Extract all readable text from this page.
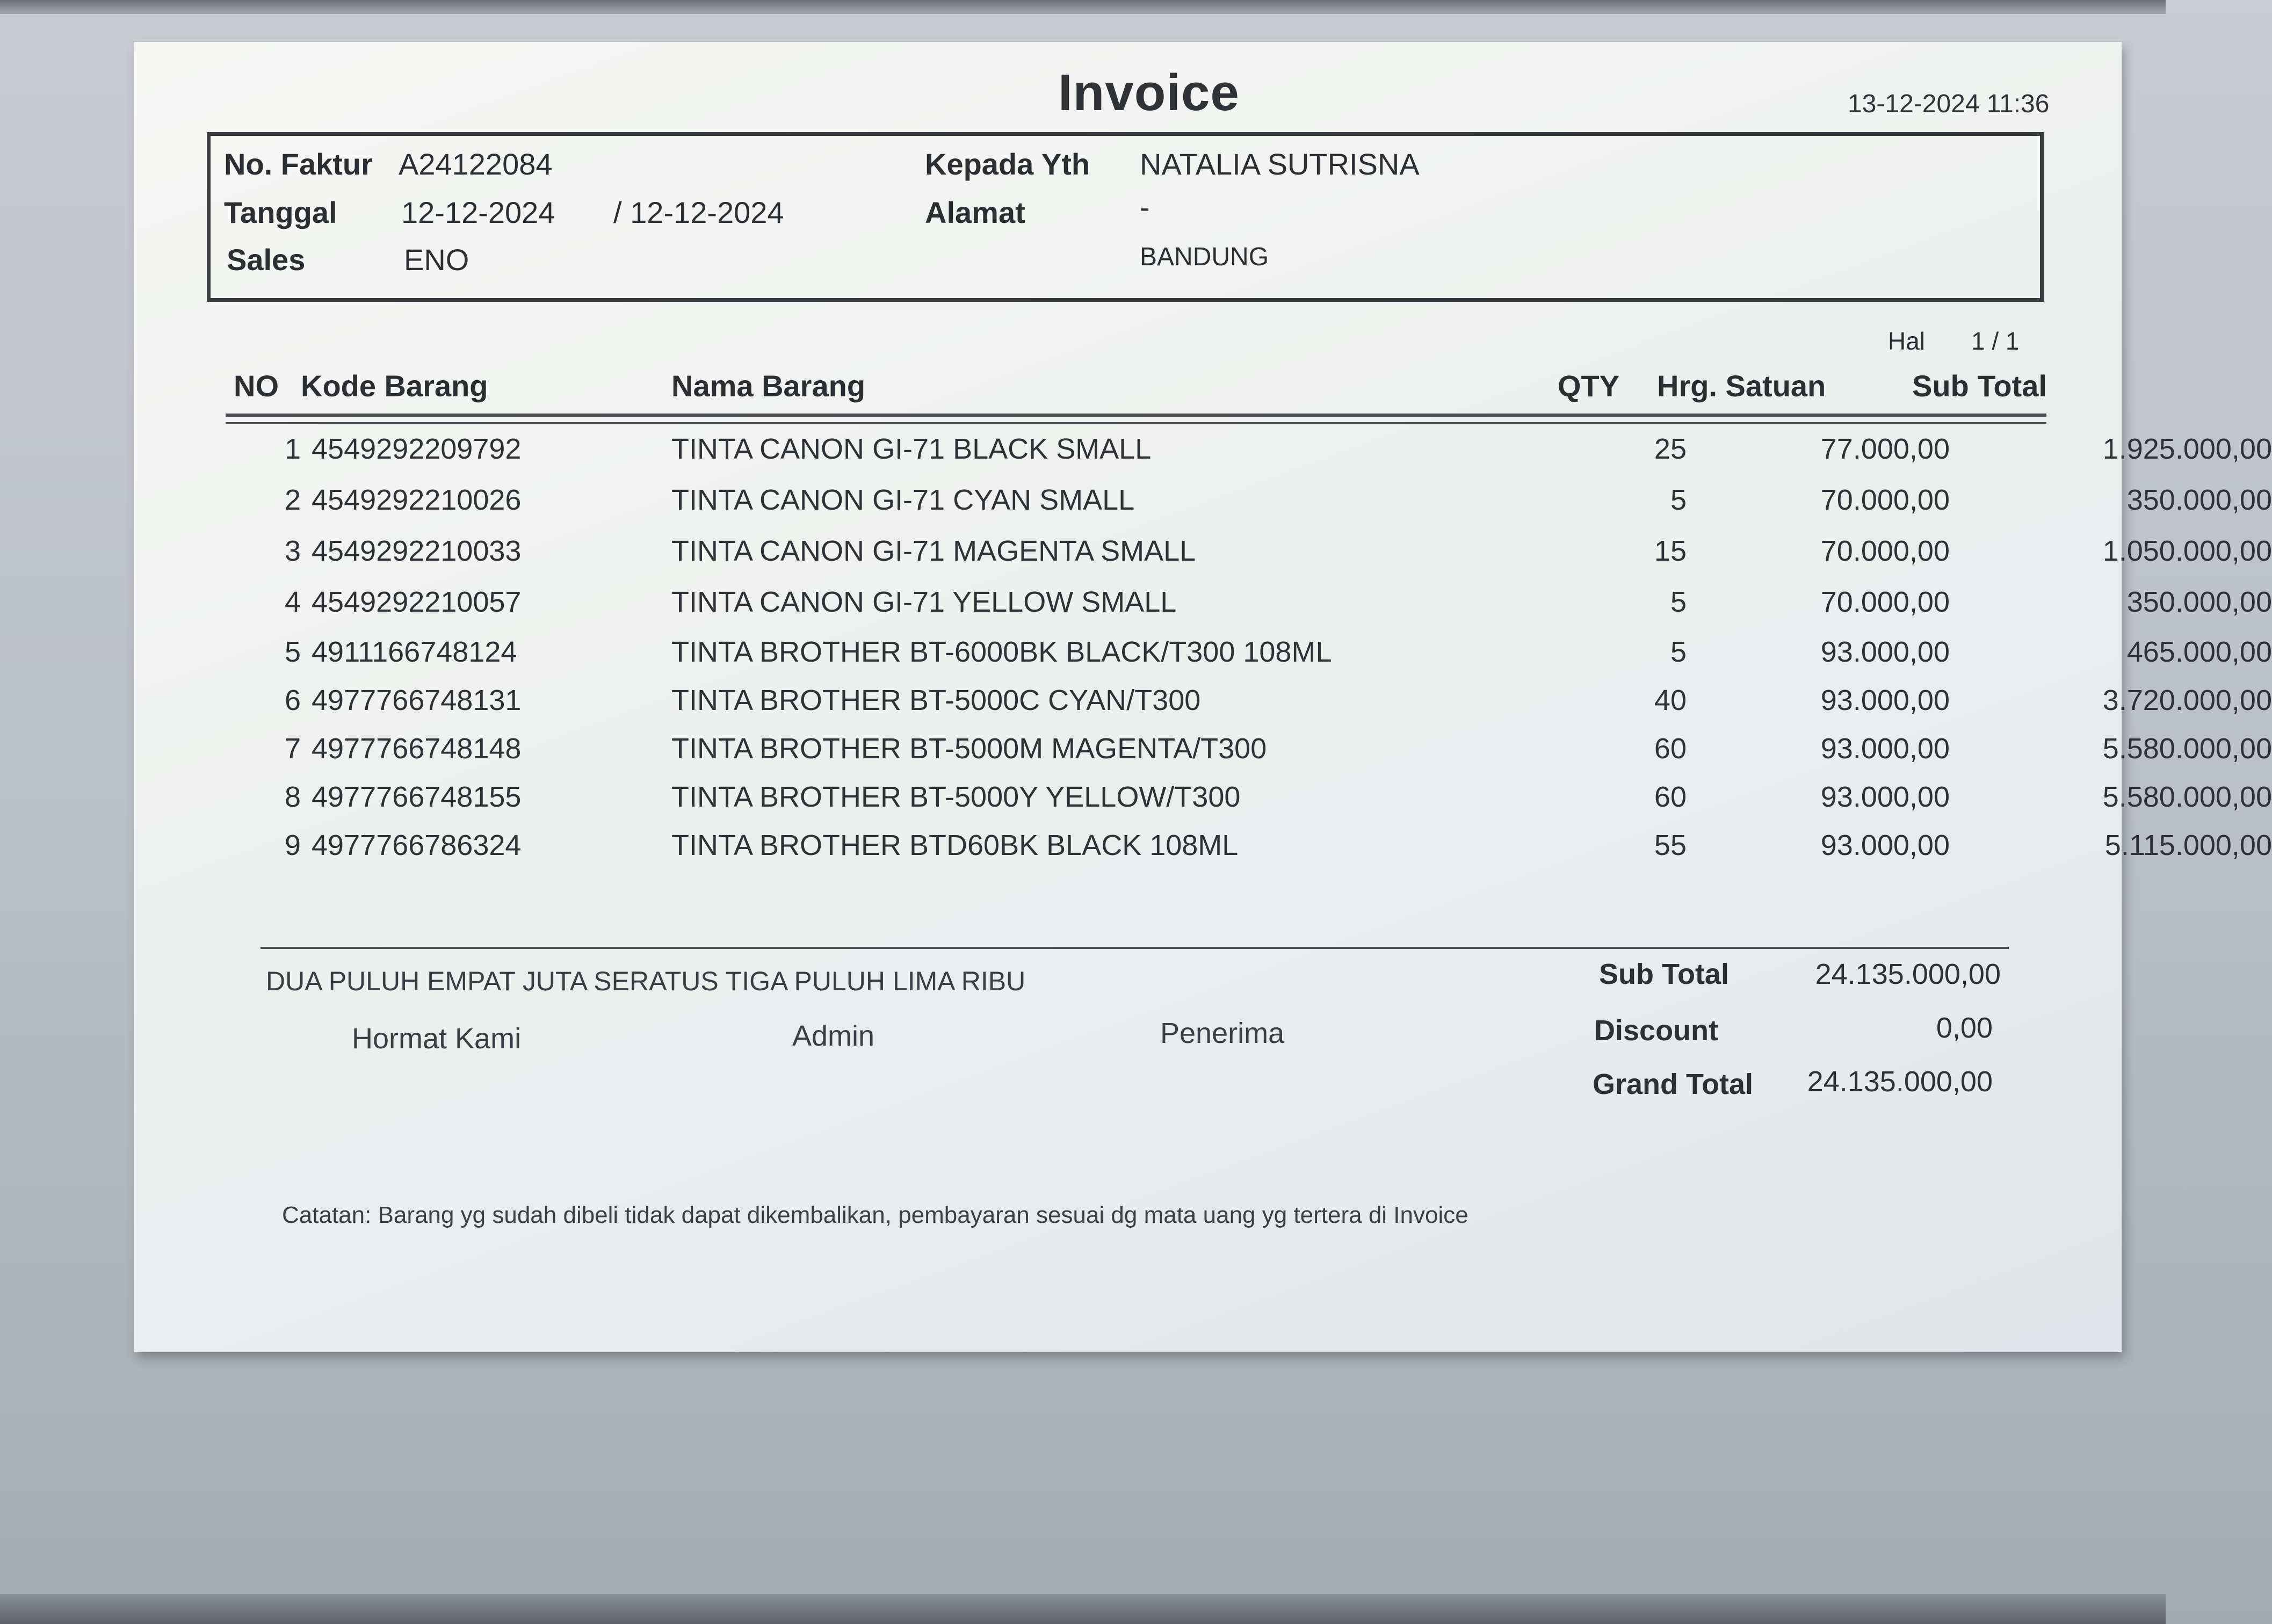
Invoice	13-12-2024 11:36
No. Faktur A24122084
Tanggal 12-12-2024 / 12-12-2024
Sales	ENO
Kepada Yth NATALIA SUTRISNA
Alamat	-
BANDUNG
Hal 1 / 1
NO Kode Barang	Nama Barang	QTY Hrg. Satuan	Sub Total
1 4549292209792	TINTA CANON GI-71 BLACK SMALL	25	77.000,00	1.925.000,00
2 4549292210026	TINTA CANON GI-71 CYAN SMALL	5	70.000,00	350.000,00
3 4549292210033	TINTA CANON GI-71 MAGENTA SMALL	15	70.000,00	1.050.000,00
4 4549292210057	TINTA CANON GI-71 YELLOW SMALL	5	70.000,00	350.000,00
5 4911166748124	TINTA BROTHER BT-6000BK BLACK/T300 108ML	5	93.000,00	465.000,00
6 4977766748131	TINTA BROTHER BT-5000C CYAN/T300	40	93.000,00	3.720.000,00
7 4977766748148	TINTA BROTHER BT-5000M MAGENTA/T300	60	93.000,00	5.580.000,00
8 4977766748155	TINTA BROTHER BT-5000Y YELLOW/T300	60	93.000,00	5.580.000,00
9 4977766786324	TINTA BROTHER BTD60BK BLACK 108ML	55	93.000,00	5.115.000,00
DUA PULUH EMPAT JUTA SERATUS TIGA PULUH LIMA RIBU
Hormat Kami	Admin	Penerima
Sub Total	24.135.000,00
Discount	0,00
Grand Total	24.135.000,00
Catatan: Barang yg sudah dibeli tidak dapat dikembalikan, pembayaran sesuai dg mata uang yg tertera di Invoice
